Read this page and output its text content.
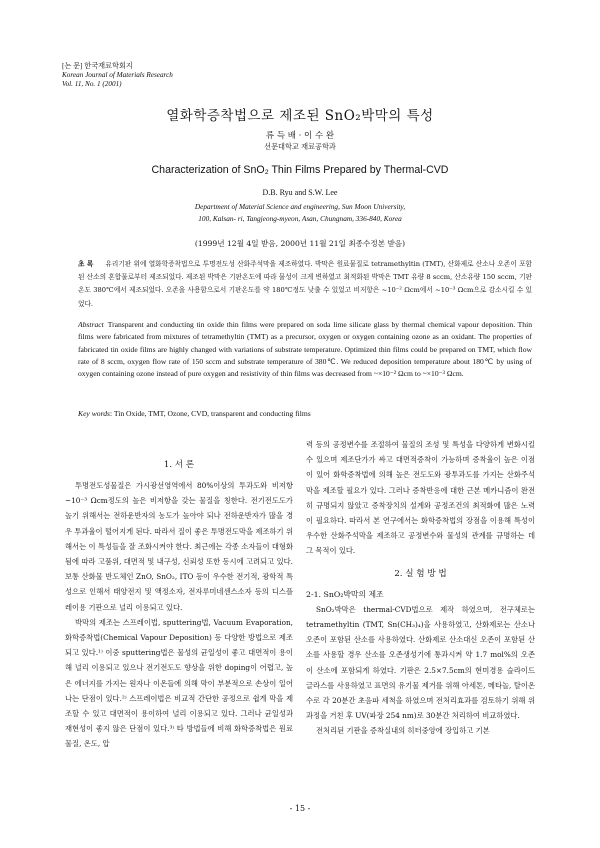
[논 문] 한국재료학회지
Korean Journal of Materials Research
Vol. 11, No. 1 (2001)
열화학증착법으로 제조된 SnO₂박막의 특성
류 득 배 · 이 수 완
선문대학교 재료공학과
Characterization of SnO₂ Thin Films Prepared by Thermal-CVD
D.B. Ryu and S.W. Lee
Department of Material Science and engineering, Sun Moon University,
100, Kalsan- ri, Tangjeong-myeon, Asan, Chungnam, 336-840, Korea
(1999년 12월 4일 받음, 2000년 11월 21일 최종수정본 받음)
초 록 유리기판 위에 열화학증착법으로 투명전도성 산화주석막을 제조하였다. 박막은 원료물질로 tetramethyltin (TMT), 산화제로 산소나 오존이 포함된 산소의 혼합물로부터 제조되었다. 제조된 박막은 기판온도에 따라 물성이 크게 변하였고 최적화된 박막은 TMT 유량 8 sccm, 산소유량 150 sccm, 기판온도 380℃에서 제조되었다. 오존을 사용함으로서 기판온도를 약 180℃정도 낮출 수 있었고 비저항은 ~10⁻² Ωcm에서 ~10⁻³ Ωcm으로 감소시킬 수 있었다.
Abstract Transparent and conducting tin oxide thin films were prepared on soda lime silicate glass by thermal chemical vapour deposition. Thin films were fabricated from mixtures of tetramethyltin (TMT) as a precursor, oxygen or oxygen containing ozone as an oxidant. The properties of fabricated tin oxide films are highly changed with variations of substrate temperature. Optimized thin films could be prepared on TMT, which flow rate of 8 sccm, oxygen flow rate of 150 sccm and substrate temperature of 380℃. We reduced deposition temperature about 180℃ by using of oxygen containing ozone instead of pure oxygen and resistivity of thin films was decreased from ~×10⁻² Ωcm to ~×10⁻³ Ωcm.
Key words: Tin Oxide, TMT, Ozone, CVD, transparent and conducting films
1. 서 론

투명전도성물질은 가시광선영역에서 80%이상의 투과도와 비저항 ~10⁻³ Ωcm정도의 높은 비저항을 갖는 물질을 칭한다. 전기전도도가 높기 위해서는 전하운반자의 농도가 높아야 되나 전하운반자가 많을 경우 투과율이 떨어지게 된다. 따라서 질이 좋은 투명전도막을 제조하기 위해서는 이 특성들을 잘 조화시켜야 한다. 최근에는 각종 소자들이 대형화됨에 따라 고품위, 대면적 및 내구성, 신뢰성 또한 동시에 고려되고 있다. 보통 산화물 반도체인 ZnO, SnO₂, ITO 등이 우수한 전기적, 광학적 특성으로 인해서 태양전지 및 액정소자, 전자루미네센스소자 등의 디스플레이용 기판으로 널리 이용되고 있다.

박막의 제조는 스프레이법, sputtering법, Vacuum Evaporation, 화학증착법(Chemical Vapour Deposition) 등 다양한 방법으로 제조되고 있다.¹⁾ 이중 sputtering법은 물성의 균일성이 좋고 대면적이 용이해 널리 이용되고 있으나 전기전도도 향상을 위한 doping이 어렵고, 높은 에너지를 가지는 원자나 이온들에 의해 막이 부분적으로 손상이 일어나는 단점이 있다.²⁾ 스프레이법은 비교적 간단한 공정으로 쉽게 막을 제조할 수 있고 대면적이 용이하여 널리 이용되고 있다. 그러나 균일성과 재현성이 좋지 않은 단점이 있다.³⁾ 타 방법들에 비해 화학증착법은 원료물질, 온도, 압

력 등의 공정변수를 조절하여 물질의 조성 및 특성을 다양하게 변화시킬 수 있으며 제조단가가 싸고 대면적증착이 가능하며 증착율이 높은 이점이 있어 화학증착법에 의해 높은 전도도와 광투과도를 가지는 산화주석막을 제조할 필요가 있다. 그러나 증착반응에 대한 근본 메카니즘이 완전히 규명되지 않았고 증착장치의 설계와 공정조건의 최적화에 많은 노력이 필요하다. 따라서 본 연구에서는 화학증착법의 장점을 이용해 특성이 우수한 산화주석막을 제조하고 공정변수와 물성의 관계를 규명하는 데 그 목적이 있다.

2. 실 험 방 법
2-1. SnO₂박막의 제조

SnO₂박막은 thermal-CVD법으로 제작 하였으며, 전구체로는 tetramethyltin (TMT, Sn(CH₃)₄)을 사용하였고, 산화제로는 산소나 오존이 포함된 산소를 사용하였다. 산화제로 산소대신 오존이 포함된 산소를 사용할 경우 산소를 오존생성기에 통과시켜 약 1.7 mol%의 오존이 산소에 포함되게 하였다. 기판은 2.5×7.5cm의 현미경용 슬라이드 글라스를 사용하였고 표면의 유기물 제거를 위해 아세톤, 메타놀, 탈이온수로 각 20분간 초음파 세척을 하였으며 전처리효과를 검토하기 위해 위 과정을 거친 후 UV(파장 254 nm)로 30분간 처리하여 비교하였다.

전처리된 기판을 증착실내의 히터중앙에 장입하고 기본

- 15 -
